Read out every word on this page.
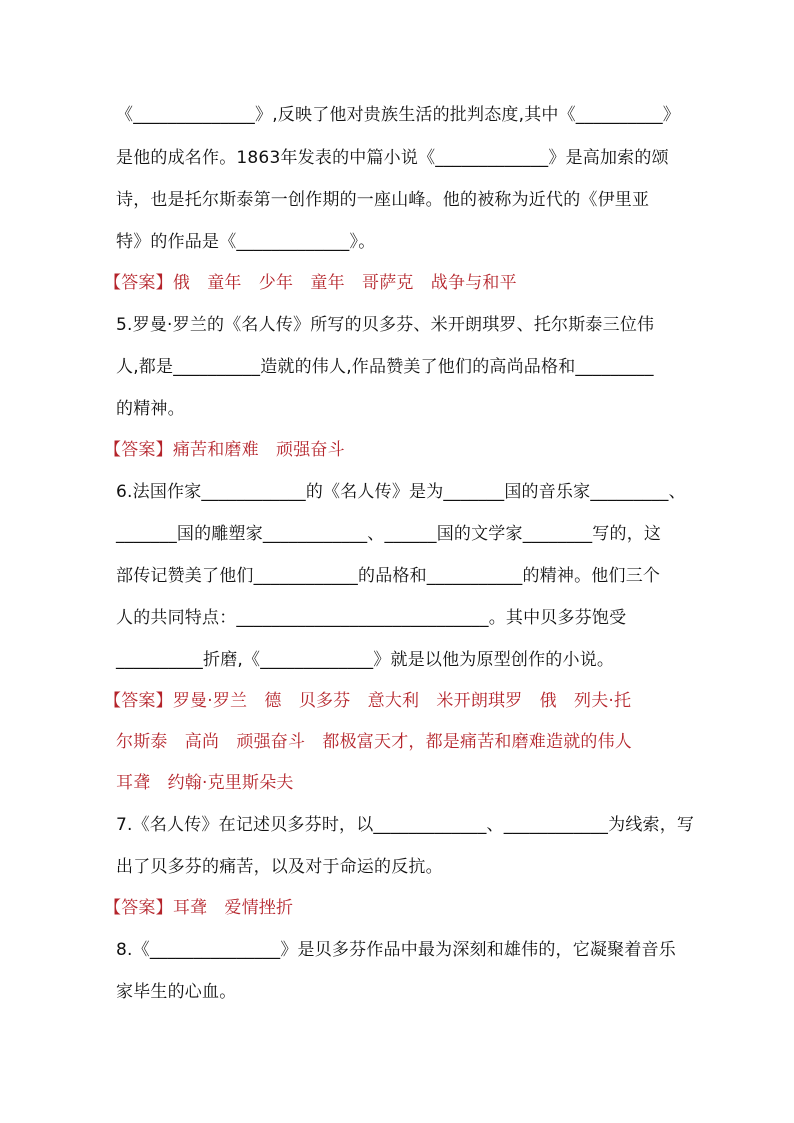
《______________》,反映了他对贵族生活的批判态度,其中《__________》
是他的成名作。1863年发表的中篇小说《_____________》是高加索的颂
诗，也是托尔斯泰第一创作期的一座山峰。他的被称为近代的《伊里亚
特》的作品是《_____________》。
【答案】俄　童年　少年　童年　哥萨克　战争与和平
5.罗曼·罗兰的《名人传》所写的贝多芬、米开朗琪罗、托尔斯泰三位伟
人,都是__________造就的伟人,作品赞美了他们的高尚品格和_________
的精神。
【答案】痛苦和磨难　顽强奋斗
6.法国作家____________的《名人传》是为_______国的音乐家_________、
_______国的雕塑家____________、______国的文学家________写的，这
部传记赞美了他们____________的品格和___________的精神。他们三个
人的共同特点：_____________________________。其中贝多芬饱受
__________折磨,《_____________》就是以他为原型创作的小说。
【答案】罗曼·罗兰　德　贝多芬　意大利　米开朗琪罗　俄　列夫·托
尔斯泰　高尚　顽强奋斗　都极富天才，都是痛苦和磨难造就的伟人
耳聋　约翰·克里斯朵夫
7.《名人传》在记述贝多芬时，以_____________、____________为线索，写
出了贝多芬的痛苦，以及对于命运的反抗。
【答案】耳聋　爱情挫折
8.《_______________》是贝多芬作品中最为深刻和雄伟的，它凝聚着音乐
家毕生的心血。
